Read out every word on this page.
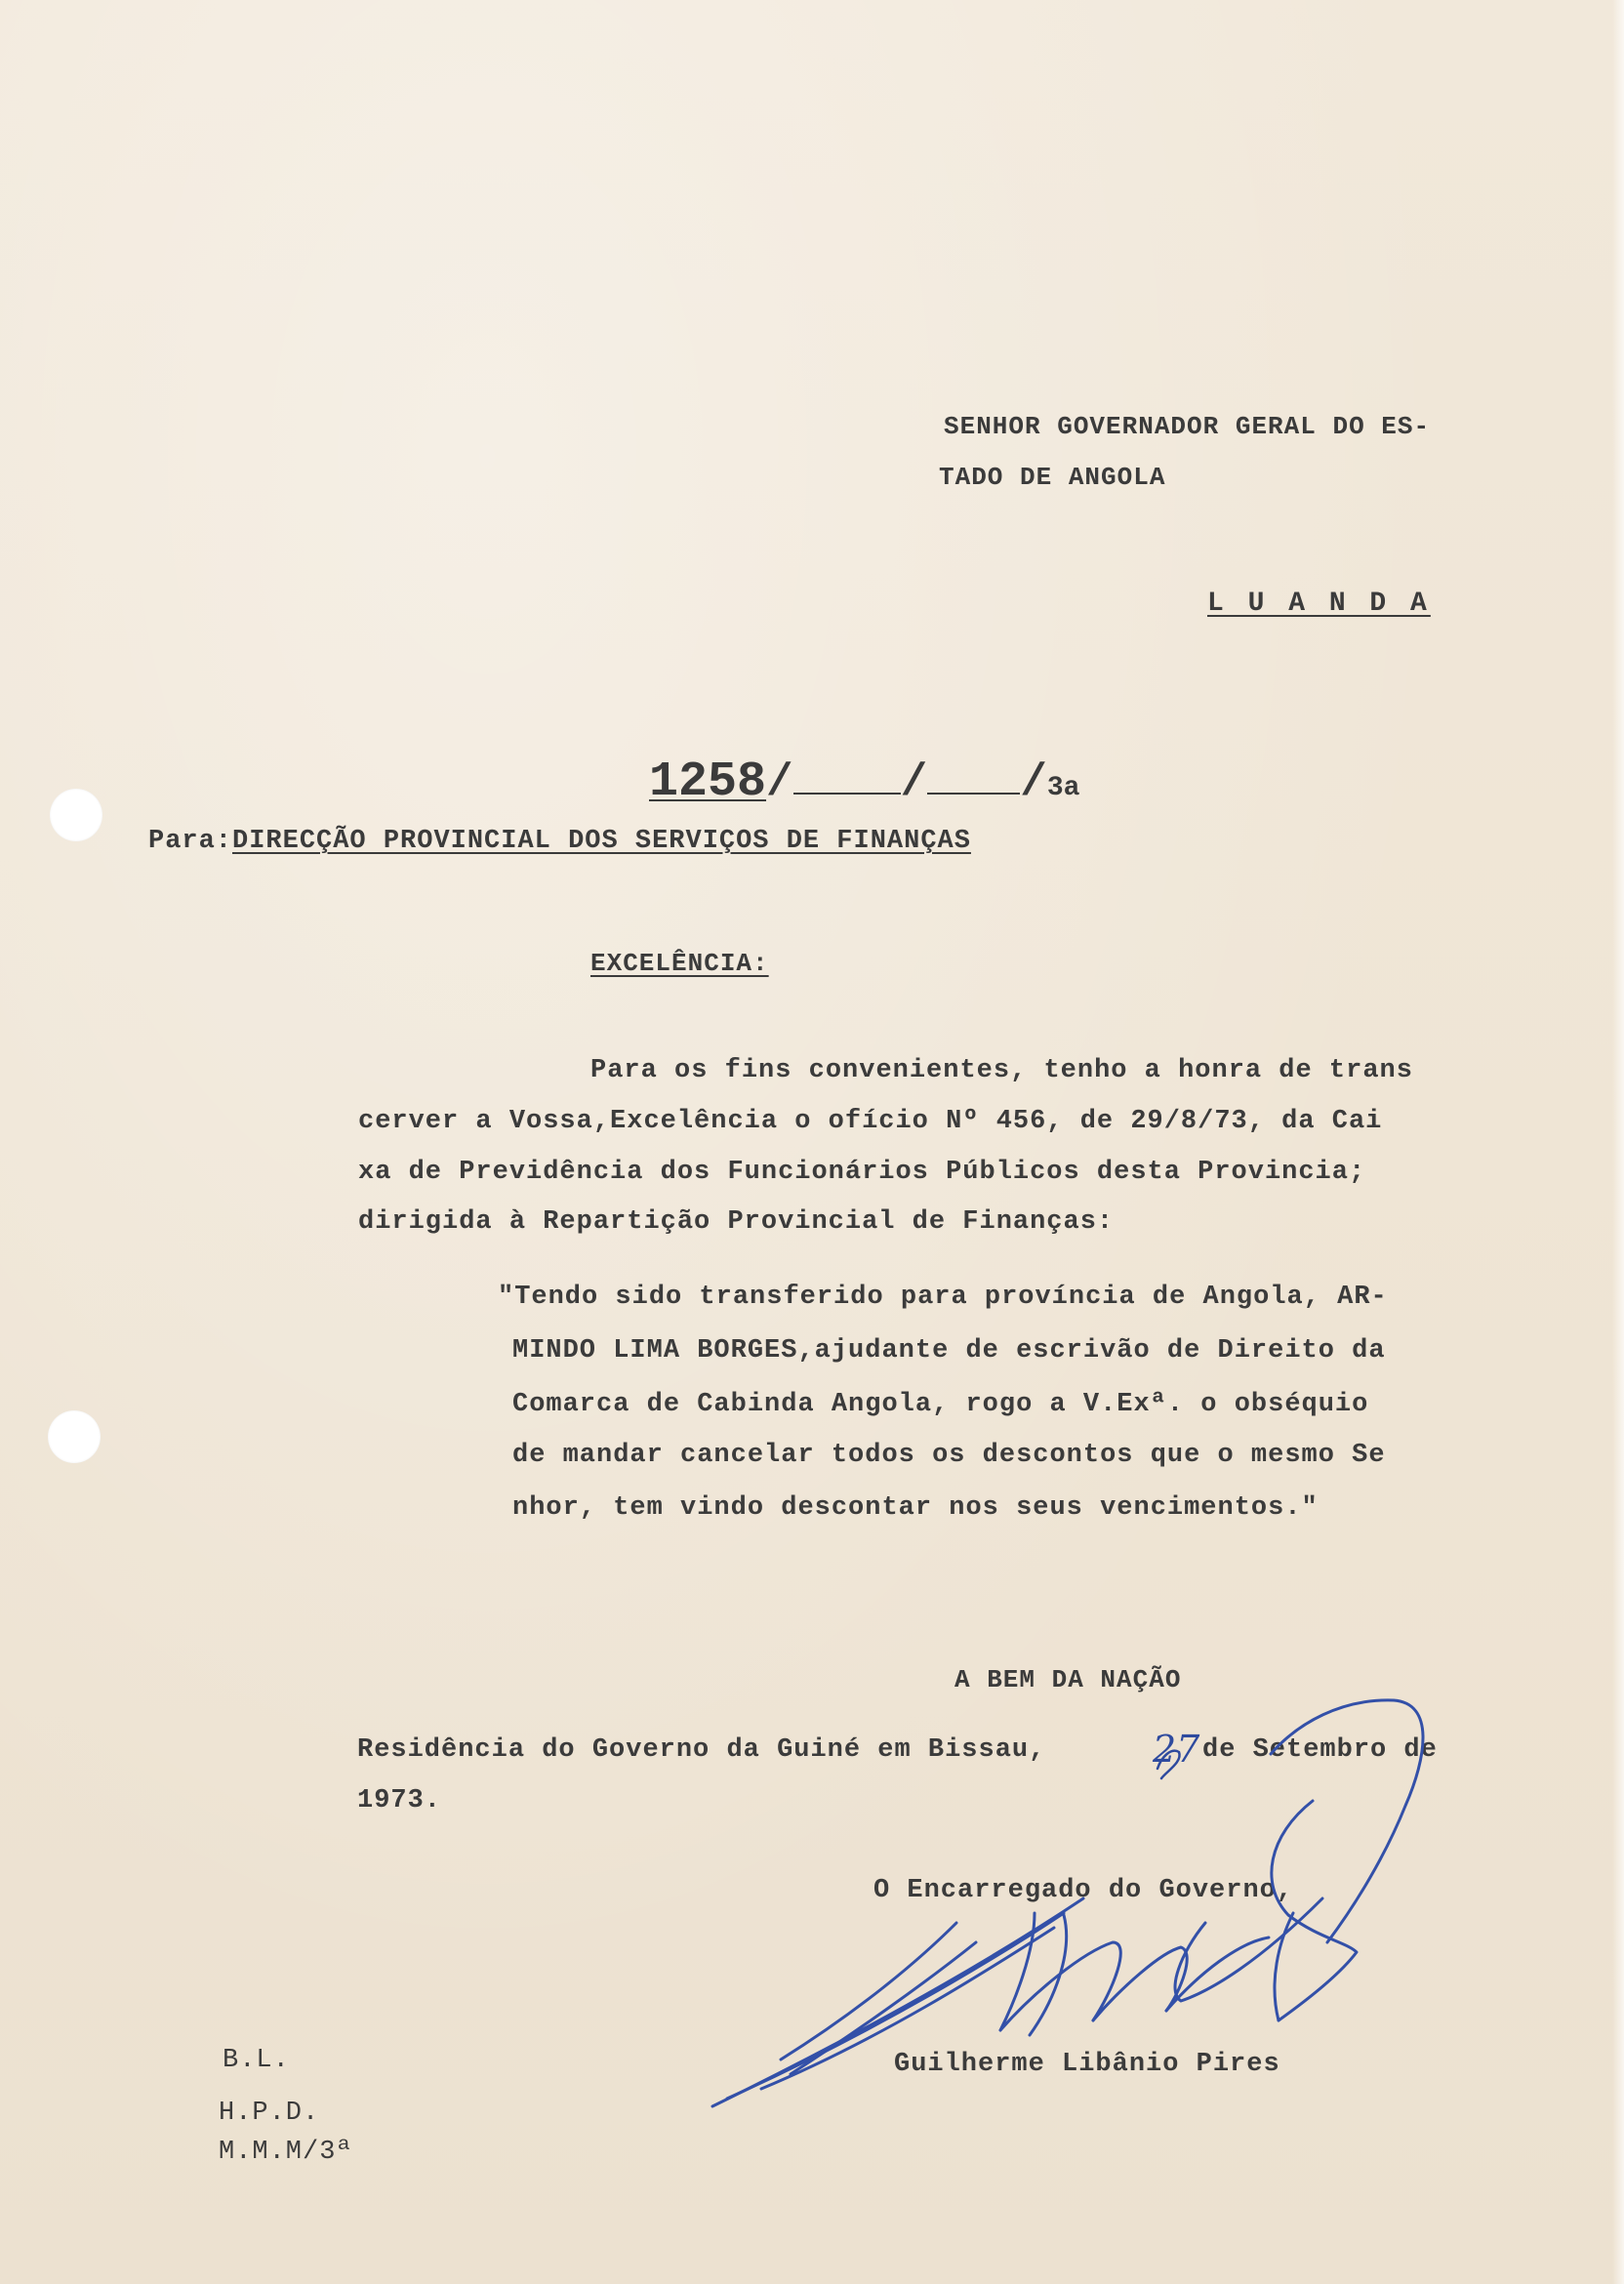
SENHOR GOVERNADOR GERAL DO ES-

TADO DE ANGOLA

L U A N D A

1258/ / /3a

Para:DIRECÇÃO PROVINCIAL DOS SERVIÇOS DE FINANÇAS

EXCELÊNCIA:

Para os fins convenientes, tenho a honra de trans

cerver a Vossa,Excelência o ofício Nº 456, de 29/8/73, da Cai

xa de Previdência dos Funcionários Públicos desta Provincia;

dirigida à Repartição Provincial de Finanças:

"Tendo sido transferido para província de Angola, AR-

MINDO LIMA BORGES,ajudante de escrivão de Direito da

Comarca de Cabinda Angola, rogo a V.Exª. o obséquio

de mandar cancelar todos os descontos que o mesmo Se

nhor, tem vindo descontar nos seus vencimentos."

A BEM DA NAÇÃO

Residência do Governo da Guiné em Bissau,	27 de Setembro de

1973.

O Encarregado do Governo,

Guilherme Libânio Pires

B.L.

H.P.D.

M.M.M/3ª
